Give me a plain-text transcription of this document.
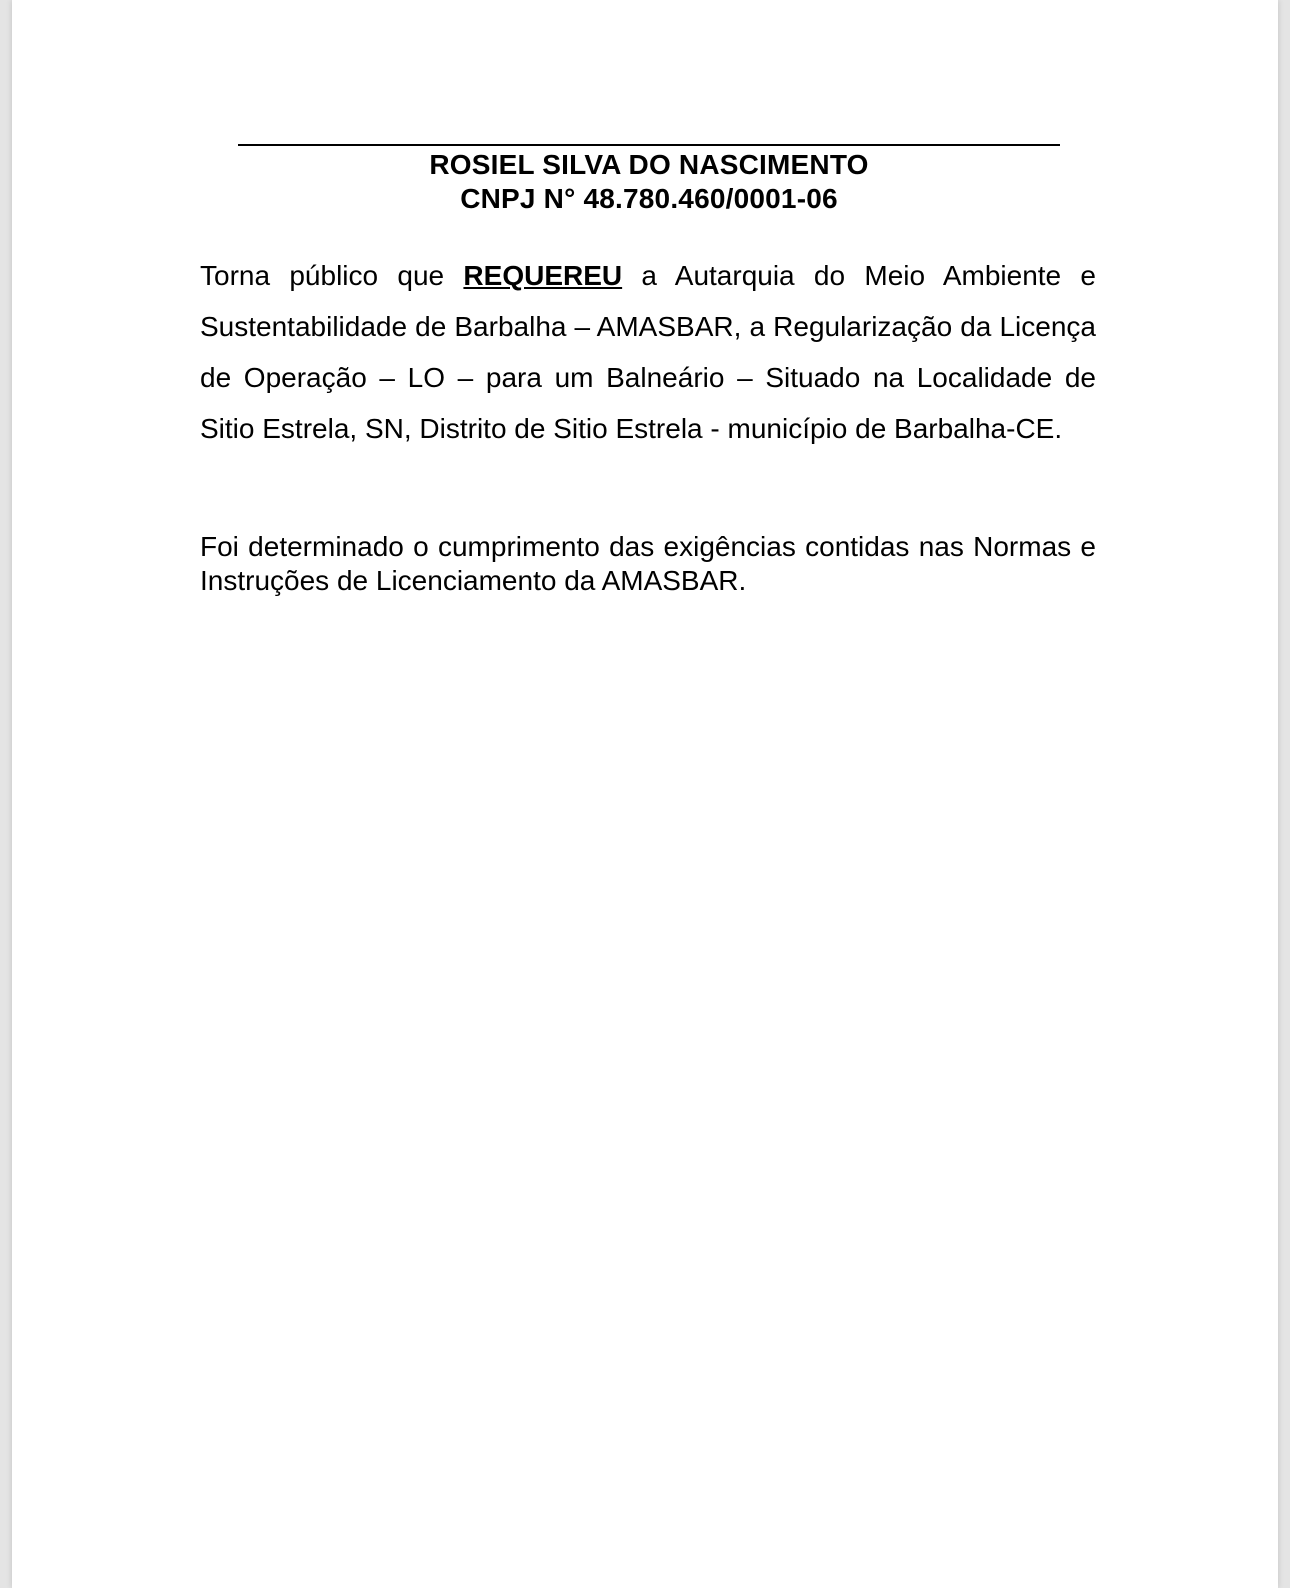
ROSIEL SILVA DO NASCIMENTO
CNPJ N° 48.780.460/0001-06

Torna público que REQUEREU a Autarquia do Meio Ambiente e Sustentabilidade de Barbalha – AMASBAR, a Regularização da Licença de Operação – LO – para um Balneário – Situado na Localidade de Sitio Estrela, SN, Distrito de Sitio Estrela - município de Barbalha-CE.

Foi determinado o cumprimento das exigências contidas nas Normas e Instruções de Licenciamento da AMASBAR.
